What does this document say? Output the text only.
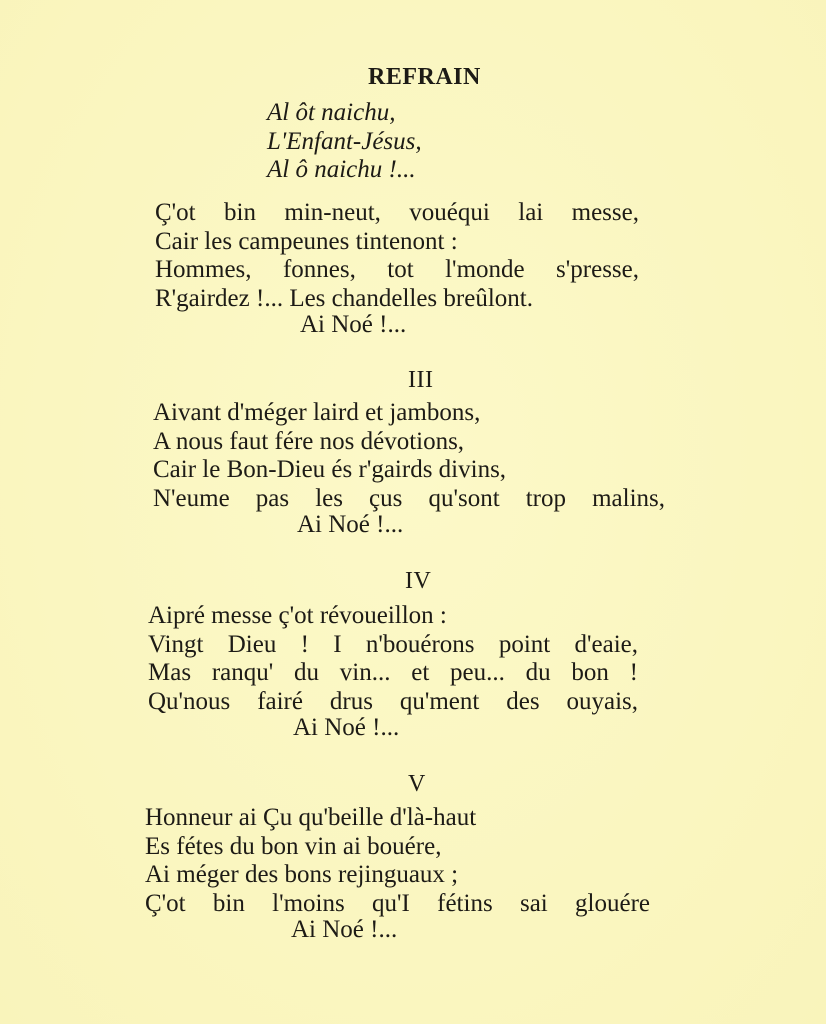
REFRAIN
Al ôt naichu,
L'Enfant-Jésus,
Al ô naichu !...
Ç'ot bin min-neut, vouéqui lai messe,
Cair les campeunes tintenont :
Hommes, fonnes, tot l'monde s'presse,
R'gairdez !... Les chandelles breûlont.
Ai Noé !...
III
Aivant d'méger laird et jambons,
A nous faut fére nos dévotions,
Cair le Bon-Dieu és r'gairds divins,
N'eume pas les çus qu'sont trop malins,
Ai Noé !...
IV
Aipré messe ç'ot révoueillon :
Vingt Dieu ! I n'bouérons point d'eaie,
Mas ranqu' du vin... et peu... du bon !
Qu'nous fairé drus qu'ment des ouyais,
Ai Noé !...
V
Honneur ai Çu qu'beille d'là-haut
Es fétes du bon vin ai bouére,
Ai méger des bons rejinguaux ;
Ç'ot bin l'moins qu'I fétins sai glouére
Ai Noé !...
